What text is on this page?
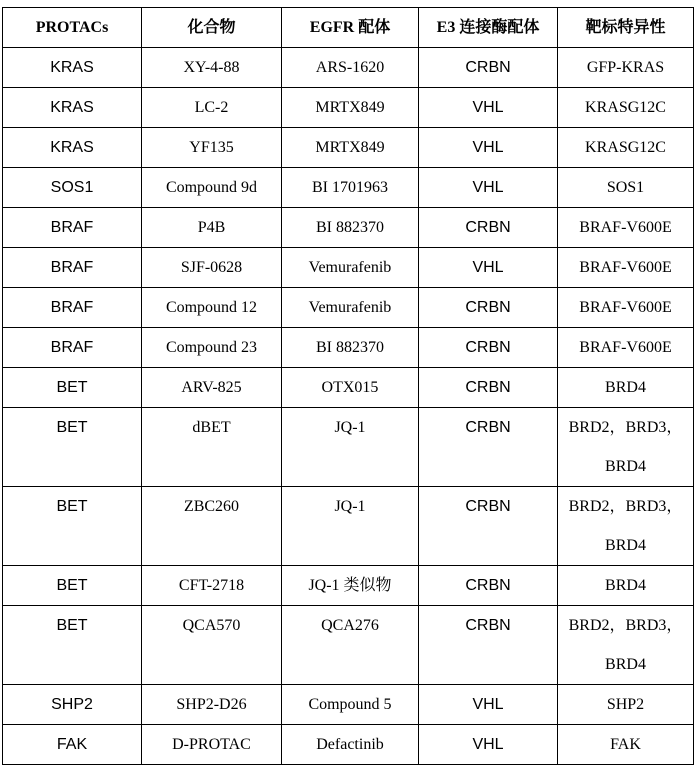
PROTACs	化合物	EGFR 配体	E3 连接酶配体	靶标特异性
KRAS	XY-4-88	ARS-1620	CRBN	GFP-KRAS
KRAS	LC-2	MRTX849	VHL	KRASG12C
KRAS	YF135	MRTX849	VHL	KRASG12C
SOS1	Compound 9d	BI 1701963	VHL	SOS1
BRAF	P4B	BI 882370	CRBN	BRAF-V600E
BRAF	SJF-0628	Vemurafenib	VHL	BRAF-V600E
BRAF	Compound 12	Vemurafenib	CRBN	BRAF-V600E
BRAF	Compound 23	BI 882370	CRBN	BRAF-V600E
BET	ARV-825	OTX015	CRBN	BRD4
BET	dBET	JQ-1	CRBN	BRD2，BRD3，BRD4
BET	ZBC260	JQ-1	CRBN	BRD2，BRD3，BRD4
BET	CFT-2718	JQ-1 类似物	CRBN	BRD4
BET	QCA570	QCA276	CRBN	BRD2，BRD3，BRD4
SHP2	SHP2-D26	Compound 5	VHL	SHP2
FAK	D-PROTAC	Defactinib	VHL	FAK
